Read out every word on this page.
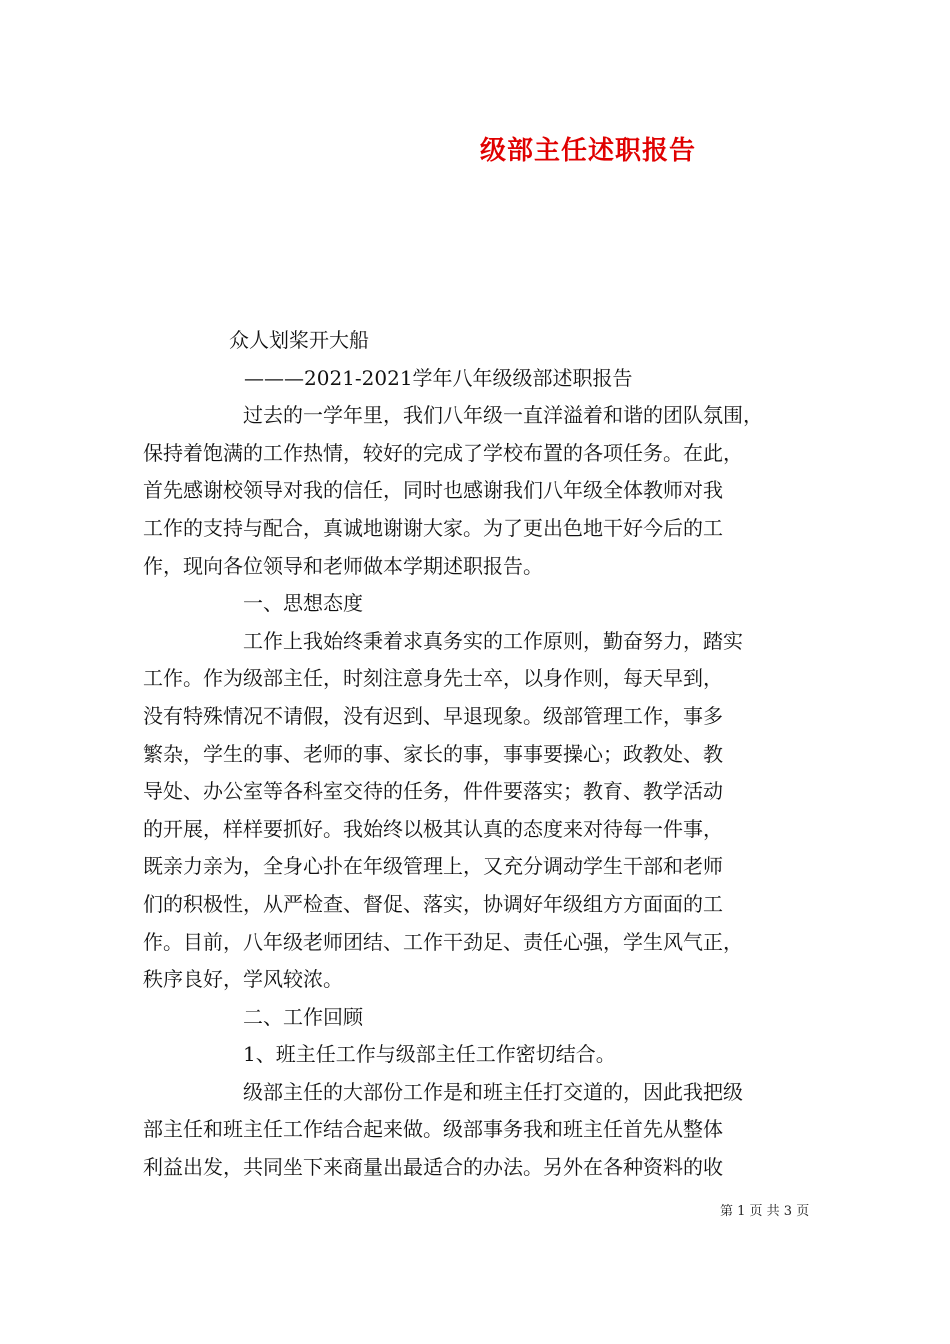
级部主任述职报告
众人划桨开大船
———2021-2021学年八年级级部述职报告
过去的一学年里，我们八年级一直洋溢着和谐的团队氛围，
保持着饱满的工作热情，较好的完成了学校布置的各项任务。在此，
首先感谢校领导对我的信任，同时也感谢我们八年级全体教师对我
工作的支持与配合，真诚地谢谢大家。为了更出色地干好今后的工
作，现向各位领导和老师做本学期述职报告。
一、思想态度
工作上我始终秉着求真务实的工作原则，勤奋努力，踏实
工作。作为级部主任，时刻注意身先士卒，以身作则，每天早到，
没有特殊情况不请假，没有迟到、早退现象。级部管理工作，事多
繁杂，学生的事、老师的事、家长的事，事事要操心；政教处、教
导处、办公室等各科室交待的任务，件件要落实；教育、教学活动
的开展，样样要抓好。我始终以极其认真的态度来对待每一件事，
既亲力亲为，全身心扑在年级管理上，又充分调动学生干部和老师
们的积极性，从严检查、督促、落实，协调好年级组方方面面的工
作。目前，八年级老师团结、工作干劲足、责任心强，学生风气正，
秩序良好，学风较浓。
二、工作回顾
1、班主任工作与级部主任工作密切结合。
级部主任的大部份工作是和班主任打交道的，因此我把级
部主任和班主任工作结合起来做。级部事务我和班主任首先从整体
利益出发，共同坐下来商量出最适合的办法。另外在各种资料的收
第 1 页 共 3 页
